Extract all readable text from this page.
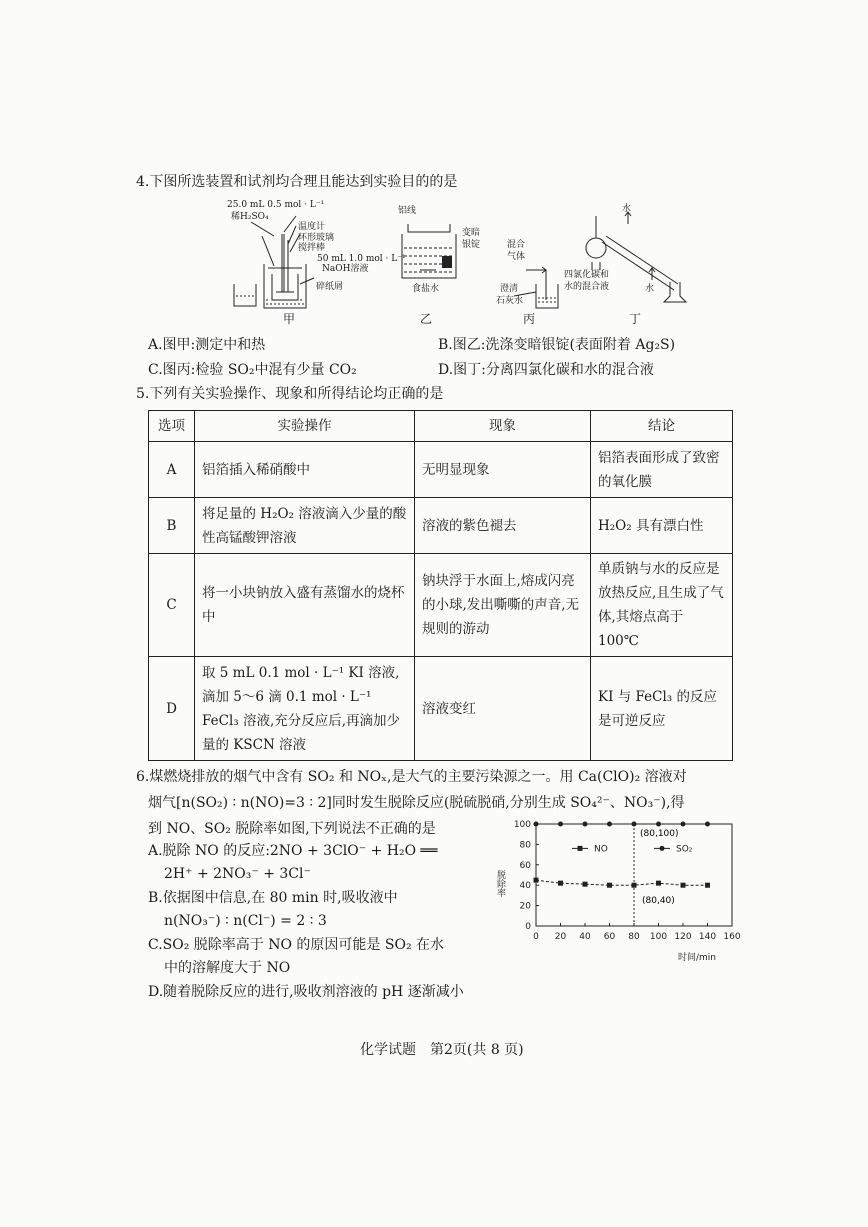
4.下图所选装置和试剂均合理且能达到实验目的的是
25.0 mL 0.5 mol · L⁻¹
稀H₂SO₄
温度计
环形玻璃
搅拌棒
50 mL 1.0 mol · L⁻¹
NaOH溶液
碎纸屑
铝线
变暗
银锭
食盐水
混合
气体
澄清
石灰水
水
四氯化碳和
水的混合液	水
甲	乙	丙	丁
A.图甲:测定中和热	B.图乙:洗涤变暗银锭(表面附着 Ag₂S)
C.图丙:检验 SO₂中混有少量 CO₂	D.图丁:分离四氯化碳和水的混合液
5.下列有关实验操作、现象和所得结论均正确的是
选项	实验操作	现象	结论
A	铝箔插入稀硝酸中	无明显现象	铝箔表面形成了致密的氧化膜
B	将足量的 H₂O₂ 溶液滴入少量的酸性高锰酸钾溶液	溶液的紫色褪去	H₂O₂ 具有漂白性
C	将一小块钠放入盛有蒸馏水的烧杯中	钠块浮于水面上,熔成闪亮的小球,发出嘶嘶的声音,无规则的游动	单质钠与水的反应是放热反应,且生成了气体,其熔点高于 100℃
D	取 5 mL 0.1 mol · L⁻¹ KI 溶液,滴加 5～6 滴 0.1 mol · L⁻¹ FeCl₃ 溶液,充分反应后,再滴加少量的 KSCN 溶液	溶液变红	KI 与 FeCl₃ 的反应是可逆反应
6.煤燃烧排放的烟气中含有 SO₂ 和 NOₓ,是大气的主要污染源之一。用 Ca(ClO)₂ 溶液对
烟气[n(SO₂) ∶ n(NO)=3 ∶ 2]同时发生脱除反应(脱硫脱硝,分别生成 SO₄²⁻、NO₃⁻),得
到 NO、SO₂ 脱除率如图,下列说法不正确的是
A.脱除 NO 的反应:2NO + 3ClO⁻ + H₂O ══
2H⁺ + 2NO₃⁻ + 3Cl⁻
B.依据图中信息,在 80 min 时,吸收液中
n(NO₃⁻) ∶ n(Cl⁻) = 2 ∶ 3
C.SO₂ 脱除率高于 NO 的原因可能是 SO₂ 在水
中的溶解度大于 NO
D.随着脱除反应的进行,吸收剂溶液的 pH 逐渐减小
0
20
40
60
80
100
0 20 40 60 80 100 120 140 160
(80,100)
(80,40)
NO	SO₂
脱除率
时间/min
化学试题　第2页(共 8 页)
